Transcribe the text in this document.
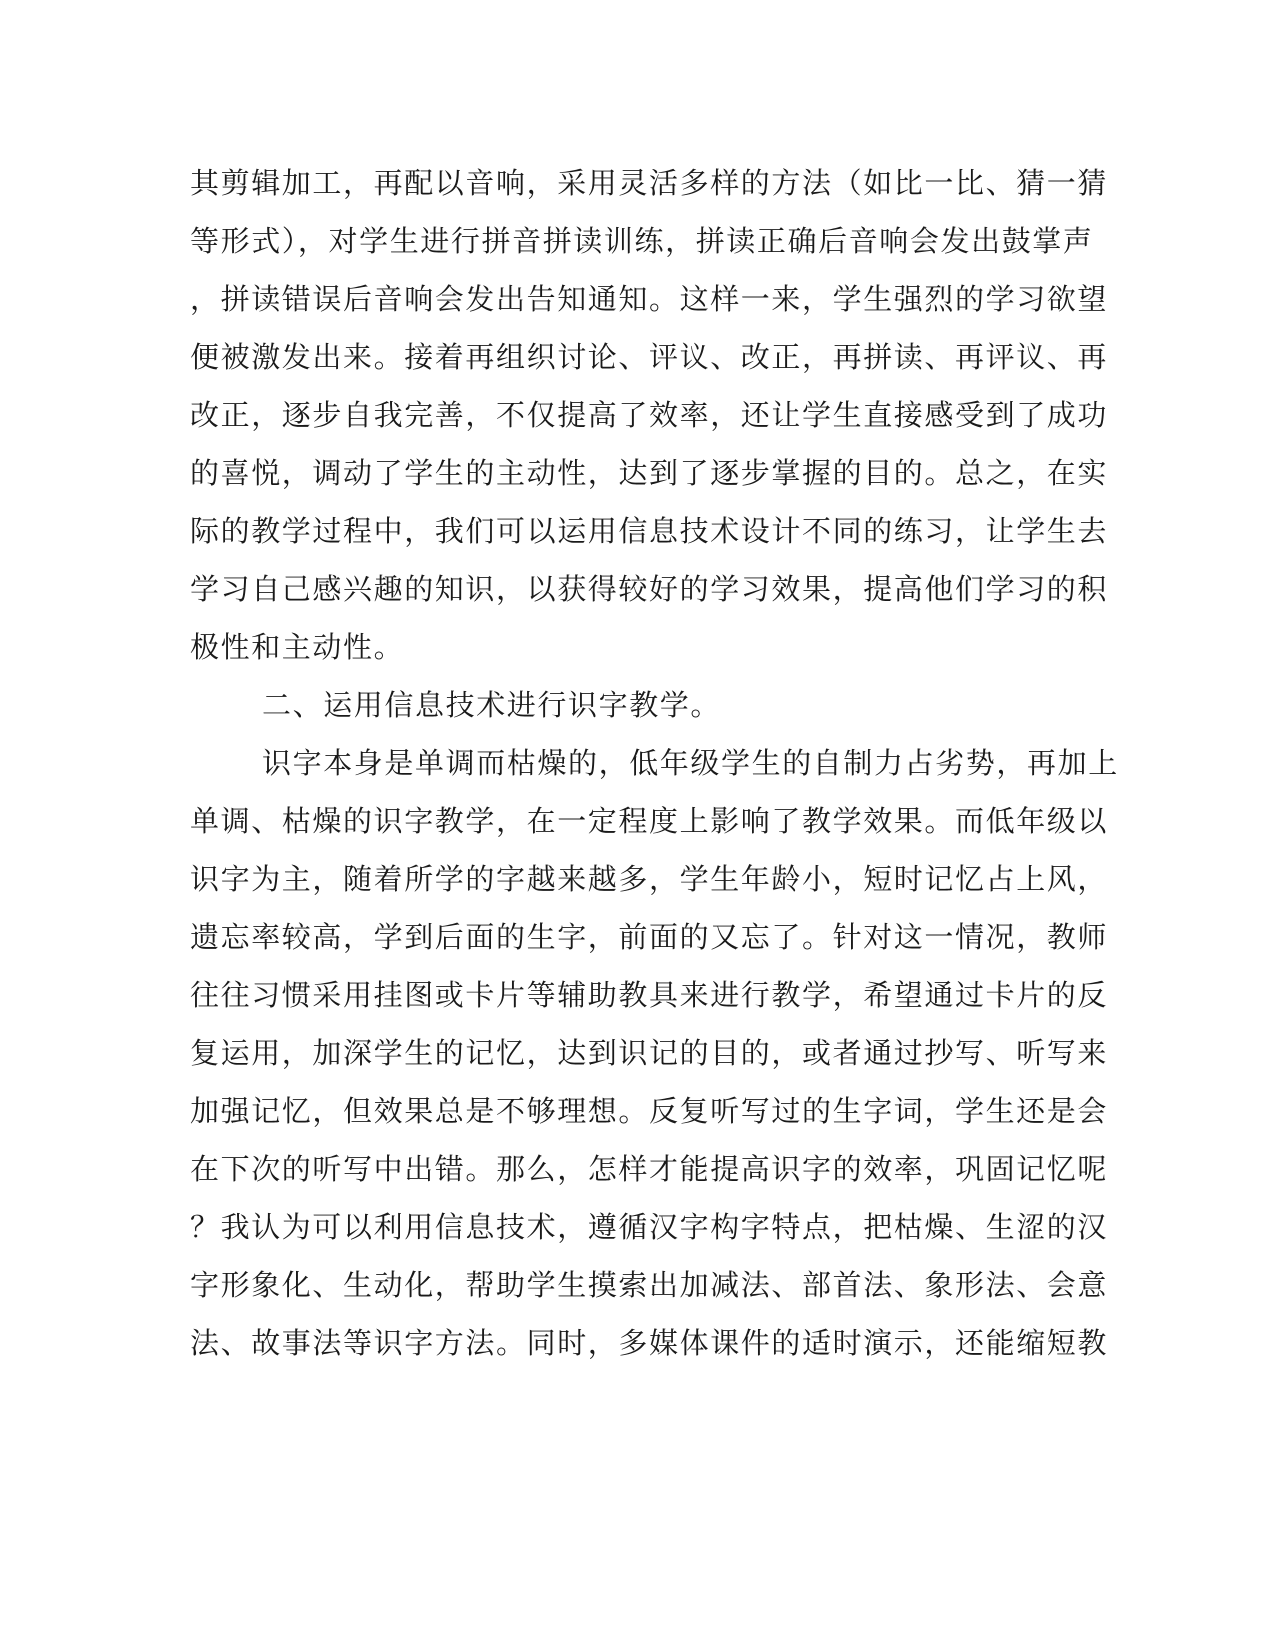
其剪辑加工，再配以音响，采用灵活多样的方法（如比一比、猜一猜
等形式），对学生进行拼音拼读训练，拼读正确后音响会发出鼓掌声
，拼读错误后音响会发出告知通知。这样一来，学生强烈的学习欲望
便被激发出来。接着再组织讨论、评议、改正，再拼读、再评议、再
改正，逐步自我完善，不仅提高了效率，还让学生直接感受到了成功
的喜悦，调动了学生的主动性，达到了逐步掌握的目的。总之，在实
际的教学过程中，我们可以运用信息技术设计不同的练习，让学生去
学习自己感兴趣的知识，以获得较好的学习效果，提高他们学习的积
极性和主动性。
二、运用信息技术进行识字教学。
识字本身是单调而枯燥的，低年级学生的自制力占劣势，再加上
单调、枯燥的识字教学，在一定程度上影响了教学效果。而低年级以
识字为主，随着所学的字越来越多，学生年龄小，短时记忆占上风，
遗忘率较高，学到后面的生字，前面的又忘了。针对这一情况，教师
往往习惯采用挂图或卡片等辅助教具来进行教学，希望通过卡片的反
复运用，加深学生的记忆，达到识记的目的，或者通过抄写、听写来
加强记忆，但效果总是不够理想。反复听写过的生字词，学生还是会
在下次的听写中出错。那么，怎样才能提高识字的效率，巩固记忆呢
？我认为可以利用信息技术，遵循汉字构字特点，把枯燥、生涩的汉
字形象化、生动化，帮助学生摸索出加减法、部首法、象形法、会意
法、故事法等识字方法。同时，多媒体课件的适时演示，还能缩短教
